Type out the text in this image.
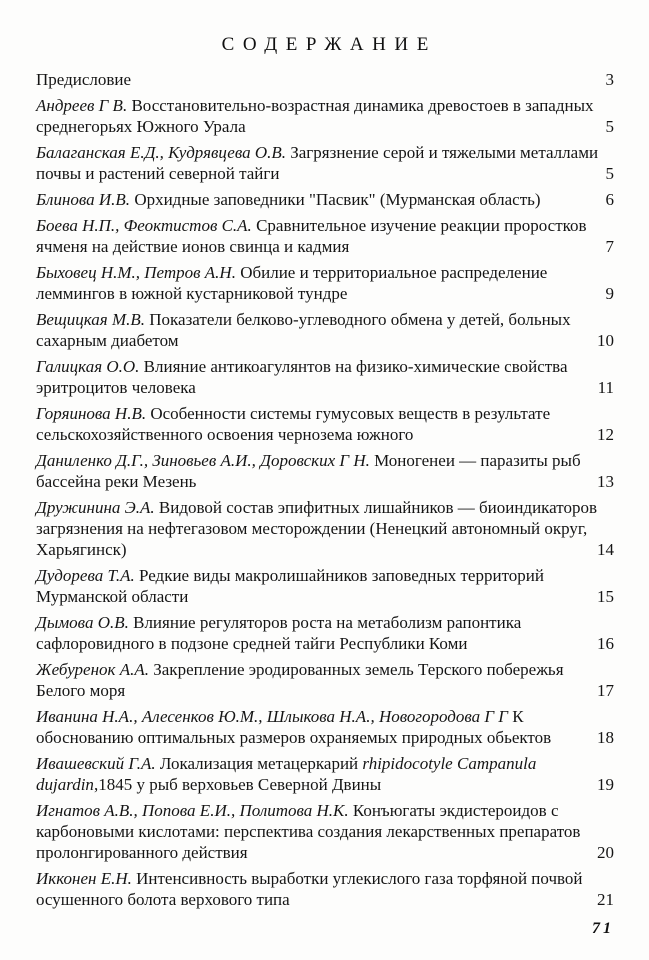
СОДЕРЖАНИЕ
Предисловие	3
Андреев Г В. Восстановительно-возрастная динамика древостоев в западных среднегорьях Южного Урала	5
Балаганская Е.Д., Кудрявцева О.В. Загрязнение серой и тяжелыми металлами почвы и растений северной тайги	5
Блинова И.В. Орхидные заповедники "Пасвик" (Мурманская область)	6
Боева Н.П., Феоктистов С.А. Сравнительное изучение реакции проростков ячменя на действие ионов свинца и кадмия	7
Быховец Н.М., Петров А.Н. Обилие и территориальное распределение леммингов в южной кустарниковой тундре	9
Вещицкая М.В. Показатели белково-углеводного обмена у детей, больных сахарным диабетом	10
Галицкая О.О. Влияние антикоагулянтов на физико-химические свойства эритроцитов человека	11
Горяинова Н.В. Особенности системы гумусовых веществ в результате сельскохозяйственного освоения чернозема южного	12
Даниленко Д.Г., Зиновьев А.И., Доровских Г Н. Моногенеи — паразиты рыб бассейна реки Мезень	13
Дружинина Э.А. Видовой состав эпифитных лишайников — биоиндикаторов загрязнения на нефтегазовом месторождении (Ненецкий автономный округ, Харьягинск)	14
Дудорева Т.А. Редкие виды макролишайников заповедных территорий Мурманской области	15
Дымова О.В. Влияние регуляторов роста на метаболизм рапонтика сафлоровидного в подзоне средней тайги Республики Коми	16
Жебуренок А.А. Закрепление эродированных земель Терского побережья Белого моря	17
Иванина Н.А., Алесенков Ю.М., Шлыкова Н.А., Новогородова Г Г К обоснованию оптимальных размеров охраняемых природных обьектов	18
Ивашевский Г.А. Локализация метацеркарий rhipidocotyle Campanula dujardin,1845 у рыб верховьев Северной Двины	19
Игнатов А.В., Попова Е.И., Политова Н.К. Конъюгаты экдистероидов с карбоновыми кислотами: перспектива создания лекарственных препаратов пролонгированного действия	20
Икконен Е.Н. Интенсивность выработки углекислого газа торфяной почвой осушенного болота верхового типа	21
71
